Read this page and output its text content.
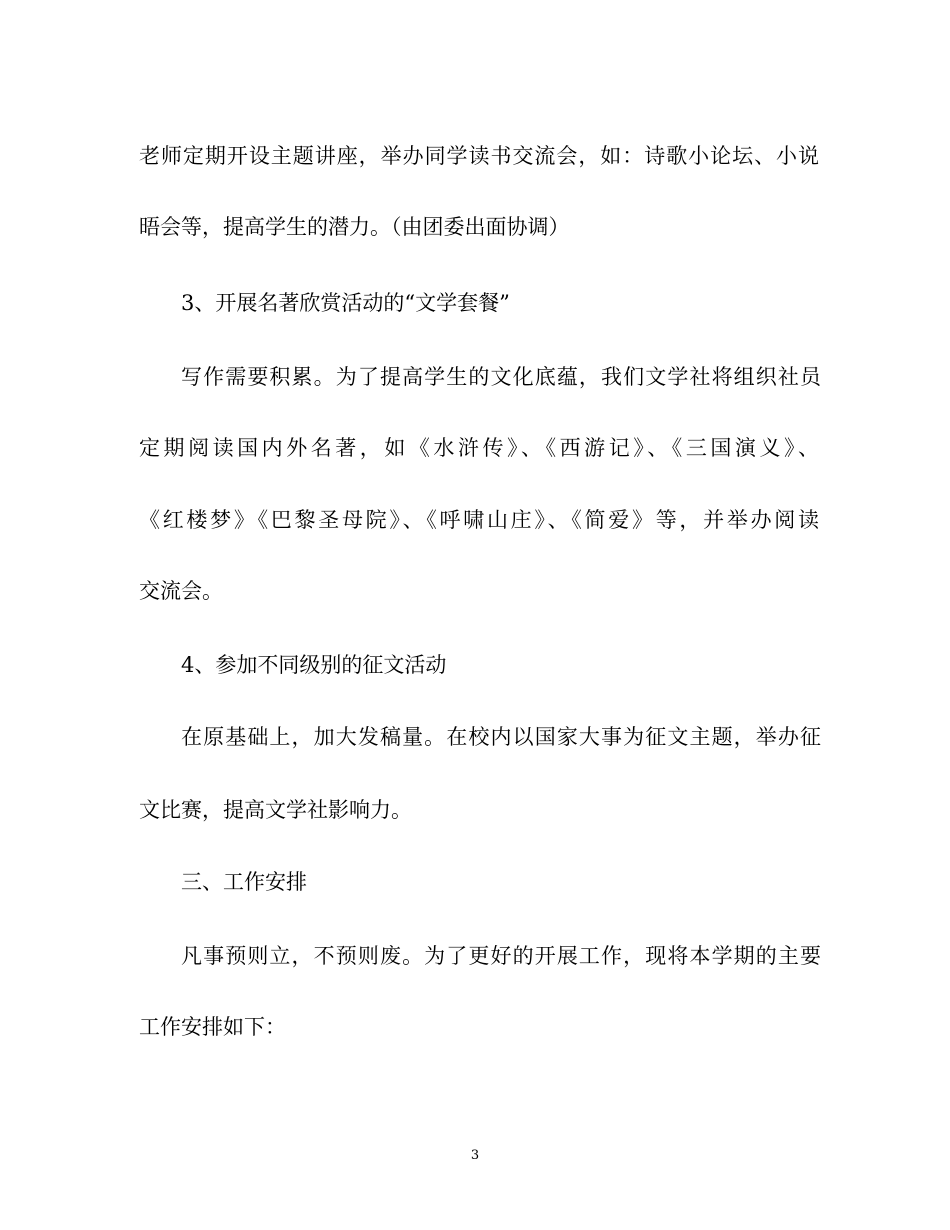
老师定期开设主题讲座，举办同学读书交流会，如：诗歌小论坛、小说
晤会等，提高学生的潜力。（由团委出面协调）
3、开展名著欣赏活动的“文学套餐”
写作需要积累。为了提高学生的文化底蕴，我们文学社将组织社员
定期阅读国内外名著，如《水浒传》、《西游记》、《三国演义》、
《红楼梦》《巴黎圣母院》、《呼啸山庄》、《简爱》等，并举办阅读
交流会。
4、参加不同级别的征文活动
在原基础上，加大发稿量。在校内以国家大事为征文主题，举办征
文比赛，提高文学社影响力。
三、工作安排
凡事预则立，不预则废。为了更好的开展工作，现将本学期的主要
工作安排如下：
3
